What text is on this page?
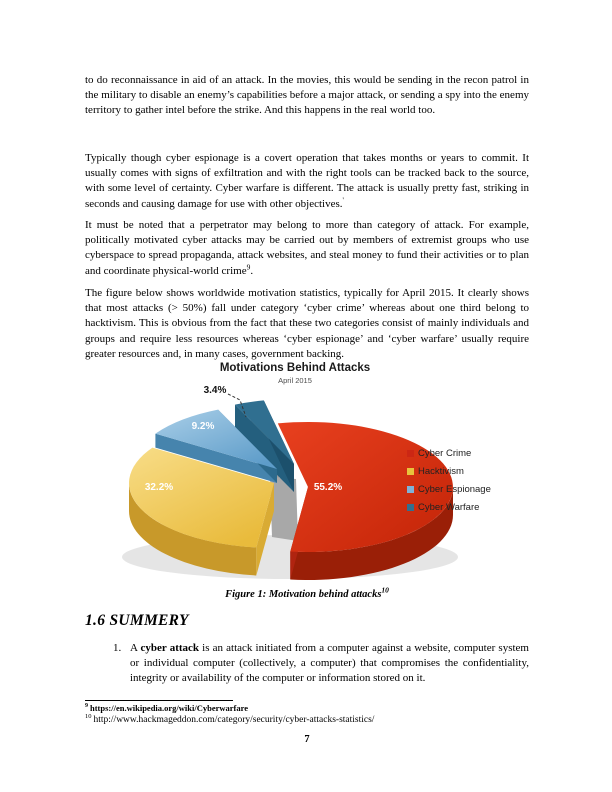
to do reconnaissance in aid of an attack. In the movies, this would be sending in the recon patrol in the military to disable an enemy’s capabilities before a major attack, or sending a spy into the enemy territory to gather intel before the strike. And this happens in the real world too.

Typically though cyber espionage is a covert operation that takes months or years to commit. It usually comes with signs of exfiltration and with the right tools can be tracked back to the source, with some level of certainty. Cyber warfare is different. The attack is usually pretty fast, striking in seconds and causing damage for use with other objectives.'

It must be noted that a perpetrator may belong to more than category of attack. For example, politically motivated cyber attacks may be carried out by members of extremist groups who use cyberspace to spread propaganda, attack websites, and steal money to fund their activities or to plan and coordinate physical-world crime$^9$.

The figure below shows worldwide motivation statistics, typically for April 2015. It clearly shows that most attacks (> 50%) fall under category ‘cyber crime’ whereas about one third belong to hacktivism. This is obvious from the fact that these two categories consist of mainly individuals and groups and require less resources whereas ‘cyber espionage’ and ‘cyber warfare’ usually require greater resources and, in many cases, government backing.

Motivations Behind Attacks
April 2015
3.4%
9.2%
32.2%	55.2%
Cyber Crime
Hacktivism
Cyber Espionage
Cyber Warfare
Figure 1: Motivation behind attacks$^{10}$
1.6 SUMMERY
1. A cyber attack is an attack initiated from a computer against a website, computer system or individual computer (collectively, a computer) that compromises the confidentiality, integrity or availability of the computer or information stored on it.
$^9$ https://en.wikipedia.org/wiki/Cyberwarfare
$^{10}$ http://www.hackmageddon.com/category/security/cyber-attacks-statistics/
7
